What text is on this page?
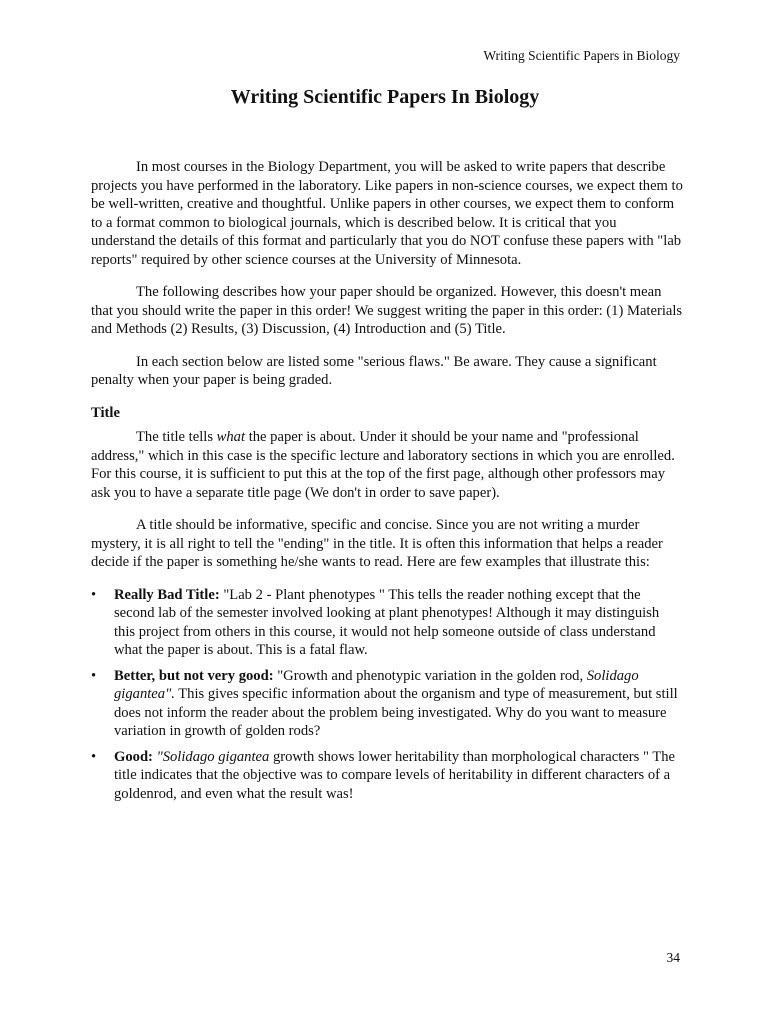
Writing Scientific Papers in Biology
Writing Scientific Papers In Biology

In most courses in the Biology Department, you will be asked to write papers that describe projects you have performed in the laboratory. Like papers in non-science courses, we expect them to be well-written, creative and thoughtful. Unlike papers in other courses, we expect them to conform to a format common to biological journals, which is described below. It is critical that you understand the details of this format and particularly that you do NOT confuse these papers with "lab reports" required by other science courses at the University of Minnesota.

The following describes how your paper should be organized. However, this doesn't mean that you should write the paper in this order! We suggest writing the paper in this order: (1) Materials and Methods (2) Results, (3) Discussion, (4) Introduction and (5) Title.

In each section below are listed some "serious flaws." Be aware. They cause a significant penalty when your paper is being graded.

Title

The title tells what the paper is about. Under it should be your name and "professional address," which in this case is the specific lecture and laboratory sections in which you are enrolled. For this course, it is sufficient to put this at the top of the first page, although other professors may ask you to have a separate title page (We don't in order to save paper).

A title should be informative, specific and concise. Since you are not writing a murder mystery, it is all right to tell the "ending" in the title. It is often this information that helps a reader decide if the paper is something he/she wants to read. Here are few examples that illustrate this:

•	Really Bad Title: "Lab 2 - Plant phenotypes " This tells the reader nothing except that the second lab of the semester involved looking at plant phenotypes! Although it may distinguish this project from others in this course, it would not help someone outside of class understand what the paper is about. This is a fatal flaw.
•	Better, but not very good: "Growth and phenotypic variation in the golden rod, Solidago gigantea". This gives specific information about the organism and type of measurement, but still does not inform the reader about the problem being investigated. Why do you want to measure variation in growth of golden rods?
•	Good: "Solidago gigantea growth shows lower heritability than morphological characters " The title indicates that the objective was to compare levels of heritability in different characters of a goldenrod, and even what the result was!
34
